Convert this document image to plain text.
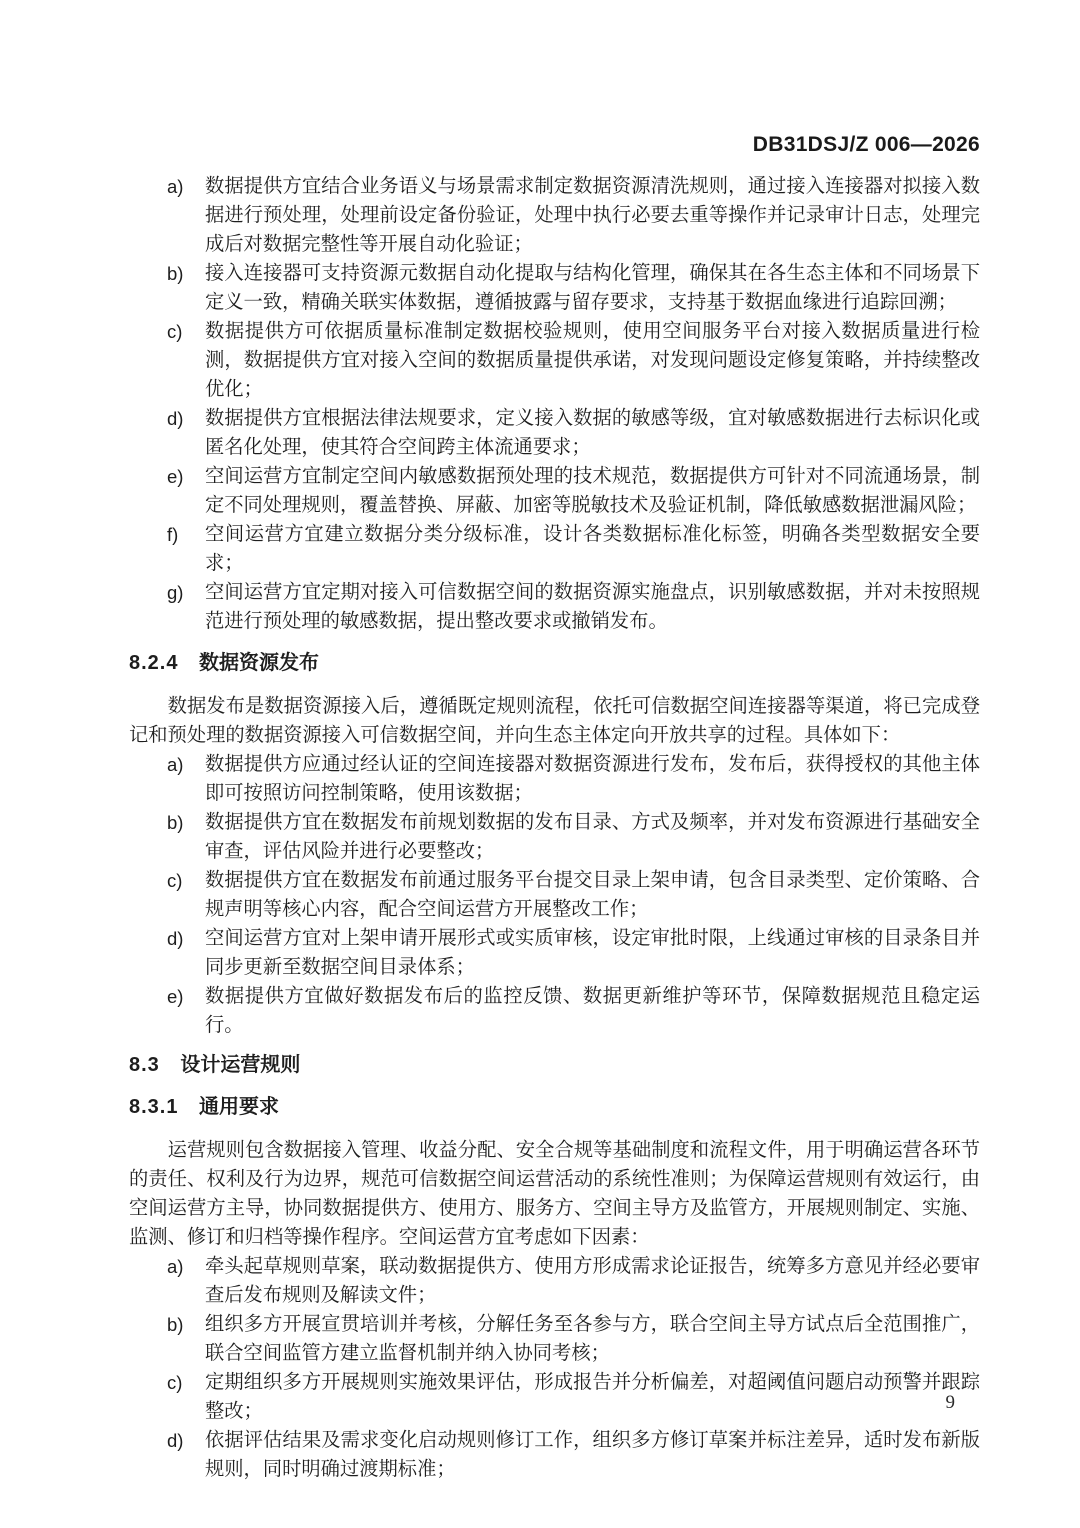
DB31DSJ/Z 006—2026
a) 数据提供方宜结合业务语义与场景需求制定数据资源清洗规则，通过接入连接器对拟接入数据进行预处理，处理前设定备份验证，处理中执行必要去重等操作并记录审计日志，处理完成后对数据完整性等开展自动化验证；
b) 接入连接器可支持资源元数据自动化提取与结构化管理，确保其在各生态主体和不同场景下定义一致，精确关联实体数据，遵循披露与留存要求，支持基于数据血缘进行追踪回溯；
c) 数据提供方可依据质量标准制定数据校验规则，使用空间服务平台对接入数据质量进行检测，数据提供方宜对接入空间的数据质量提供承诺，对发现问题设定修复策略，并持续整改优化；
d) 数据提供方宜根据法律法规要求，定义接入数据的敏感等级，宜对敏感数据进行去标识化或匿名化处理，使其符合空间跨主体流通要求；
e) 空间运营方宜制定空间内敏感数据预处理的技术规范，数据提供方可针对不同流通场景，制定不同处理规则，覆盖替换、屏蔽、加密等脱敏技术及验证机制，降低敏感数据泄漏风险；
f) 空间运营方宜建立数据分类分级标准，设计各类数据标准化标签，明确各类型数据安全要求；
g) 空间运营方宜定期对接入可信数据空间的数据资源实施盘点，识别敏感数据，并对未按照规范进行预处理的敏感数据，提出整改要求或撤销发布。
8.2.4 数据资源发布

数据发布是数据资源接入后，遵循既定规则流程，依托可信数据空间连接器等渠道，将已完成登记和预处理的数据资源接入可信数据空间，并向生态主体定向开放共享的过程。具体如下：

a) 数据提供方应通过经认证的空间连接器对数据资源进行发布，发布后，获得授权的其他主体即可按照访问控制策略，使用该数据；
b) 数据提供方宜在数据发布前规划数据的发布目录、方式及频率，并对发布资源进行基础安全审查，评估风险并进行必要整改；
c) 数据提供方宜在数据发布前通过服务平台提交目录上架申请，包含目录类型、定价策略、合规声明等核心内容，配合空间运营方开展整改工作；
d) 空间运营方宜对上架申请开展形式或实质审核，设定审批时限，上线通过审核的目录条目并同步更新至数据空间目录体系；
e) 数据提供方宜做好数据发布后的监控反馈、数据更新维护等环节，保障数据规范且稳定运行。
8.3 设计运营规则
8.3.1 通用要求

运营规则包含数据接入管理、收益分配、安全合规等基础制度和流程文件，用于明确运营各环节的责任、权利及行为边界，规范可信数据空间运营活动的系统性准则；为保障运营规则有效运行，由空间运营方主导，协同数据提供方、使用方、服务方、空间主导方及监管方，开展规则制定、实施、监测、修订和归档等操作程序。空间运营方宜考虑如下因素：

a) 牵头起草规则草案，联动数据提供方、使用方形成需求论证报告，统筹多方意见并经必要审查后发布规则及解读文件；
b) 组织多方开展宣贯培训并考核，分解任务至各参与方，联合空间主导方试点后全范围推广，联合空间监管方建立监督机制并纳入协同考核；
c) 定期组织多方开展规则实施效果评估，形成报告并分析偏差，对超阈值问题启动预警并跟踪整改；
d) 依据评估结果及需求变化启动规则修订工作，组织多方修订草案并标注差异，适时发布新版规则，同时明确过渡期标准；
9
